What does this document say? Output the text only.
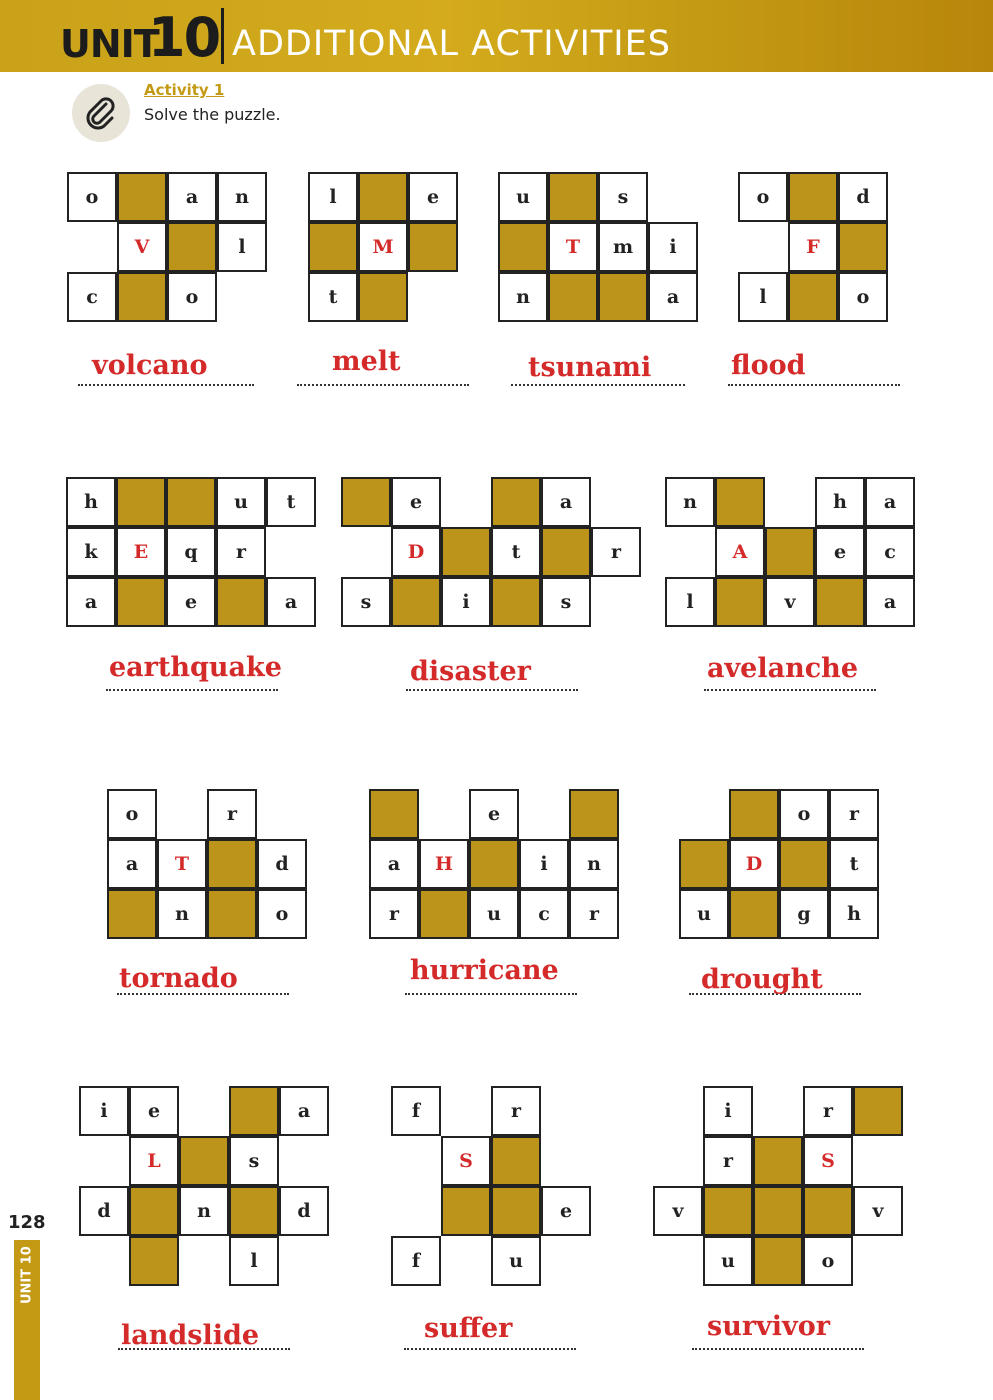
UNIT
10 ADDITIONAL ACTIVITIES
Activity 1
Solve the puzzle.
o	a	n
V	l
c	o
volcano
l	e
M
t
melt
u	s
T	m	i
n	a
tsunami
o	d
F
l	o
flood
h	u	t
k	E	q	r
a	e	a
earthquake
e	a
D	t	r
s	i	s
disaster
n	h	a
A	e	c
l	v	a
avelanche
o	r
a	T	d
n	o
tornado
e
a	H	i	n
r	u	c	r
hurricane
o	r
D	t
u	g	h
drought
i	e	a
L	s
d	n	d
l
landslide
f	r
S
e
f	u
suffer
i	r
r	S
v	v
u	o
survivor
128
UNIT 10
